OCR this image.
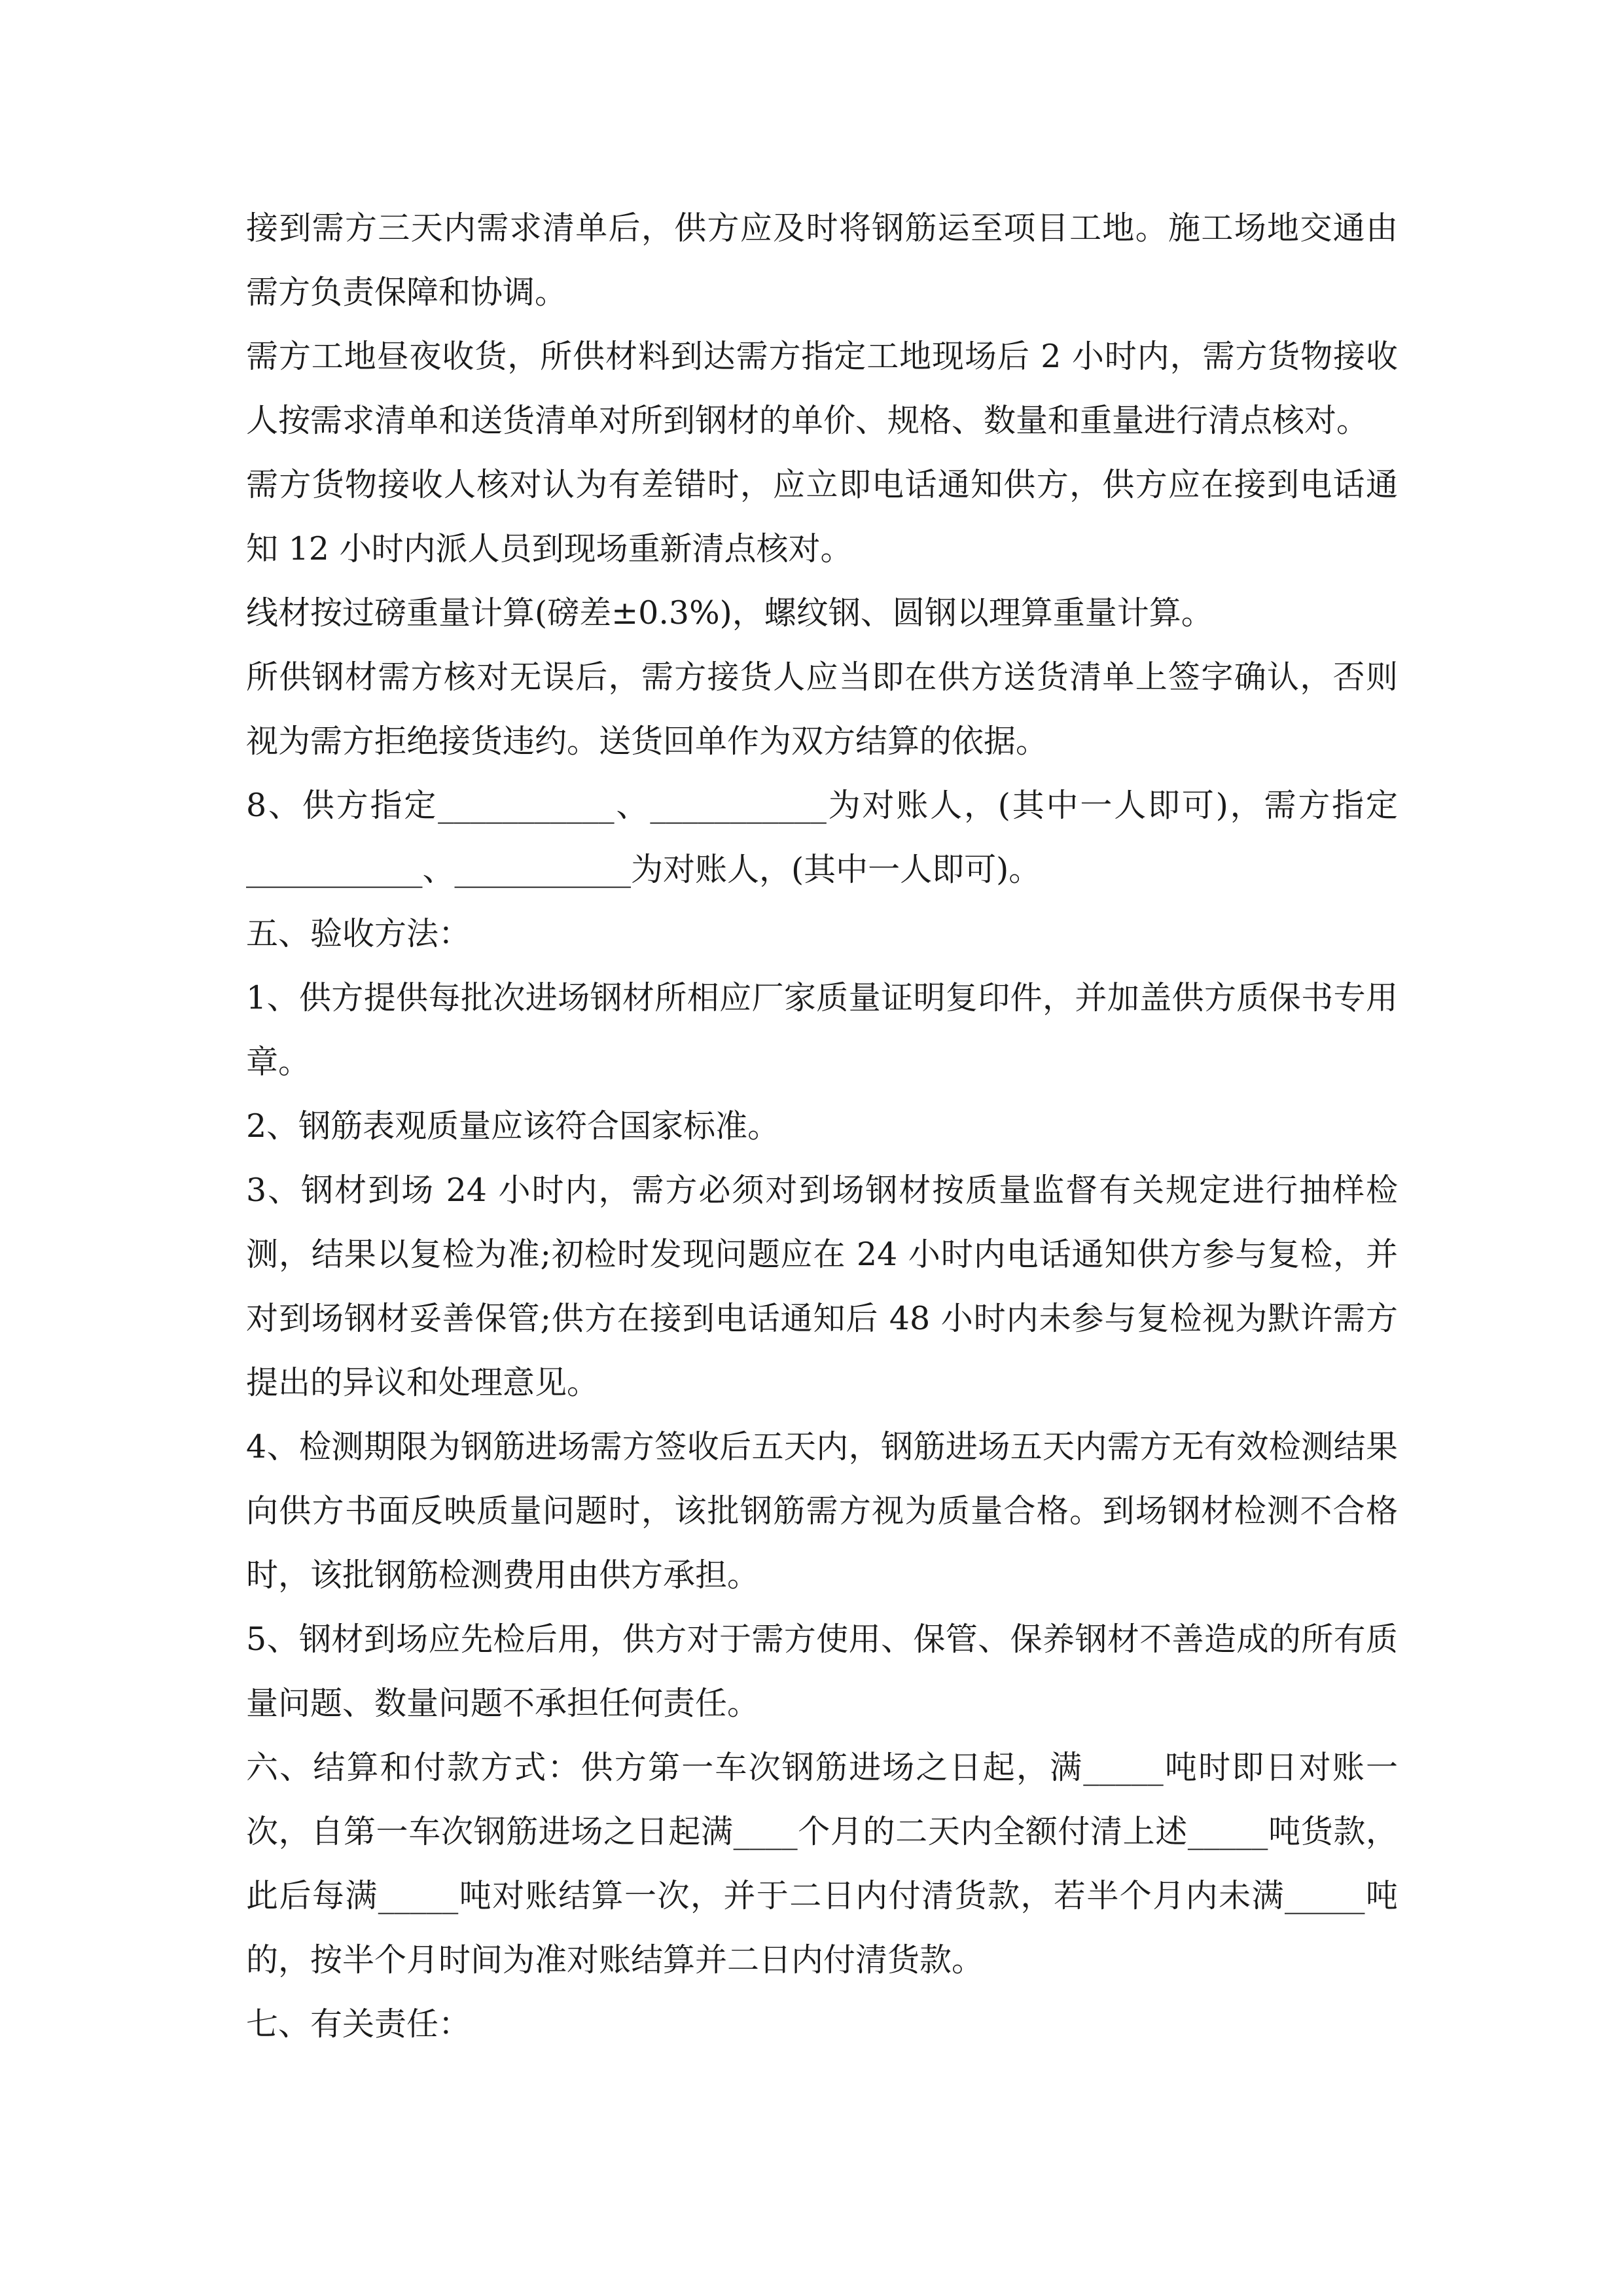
接到需方三天内需求清单后，供方应及时将钢筋运至项目工地。施工场地交通由需方负责保障和协调。

需方工地昼夜收货，所供材料到达需方指定工地现场后 2 小时内，需方货物接收人按需求清单和送货清单对所到钢材的单价、规格、数量和重量进行清点核对。

需方货物接收人核对认为有差错时，应立即电话通知供方，供方应在接到电话通知 12 小时内派人员到现场重新清点核对。

线材按过磅重量计算(磅差±0.3%)，螺纹钢、圆钢以理算重量计算。

所供钢材需方核对无误后，需方接货人应当即在供方送货清单上签字确认，否则视为需方拒绝接货违约。送货回单作为双方结算的依据。

8、供方指定___________、___________为对账人，(其中一人即可)，需方指定___________、___________为对账人，(其中一人即可)。

五、验收方法：

1、供方提供每批次进场钢材所相应厂家质量证明复印件，并加盖供方质保书专用章。

2、钢筋表观质量应该符合国家标准。

3、钢材到场 24 小时内，需方必须对到场钢材按质量监督有关规定进行抽样检测，结果以复检为准;初检时发现问题应在 24 小时内电话通知供方参与复检，并对到场钢材妥善保管;供方在接到电话通知后 48 小时内未参与复检视为默许需方提出的异议和处理意见。

4、检测期限为钢筋进场需方签收后五天内，钢筋进场五天内需方无有效检测结果向供方书面反映质量问题时，该批钢筋需方视为质量合格。到场钢材检测不合格时，该批钢筋检测费用由供方承担。

5、钢材到场应先检后用，供方对于需方使用、保管、保养钢材不善造成的所有质量问题、数量问题不承担任何责任。

六、结算和付款方式：供方第一车次钢筋进场之日起，满_____吨时即日对账一次，自第一车次钢筋进场之日起满____个月的二天内全额付清上述_____吨货款，此后每满_____吨对账结算一次，并于二日内付清货款，若半个月内未满_____吨的，按半个月时间为准对账结算并二日内付清货款。

七、有关责任：
